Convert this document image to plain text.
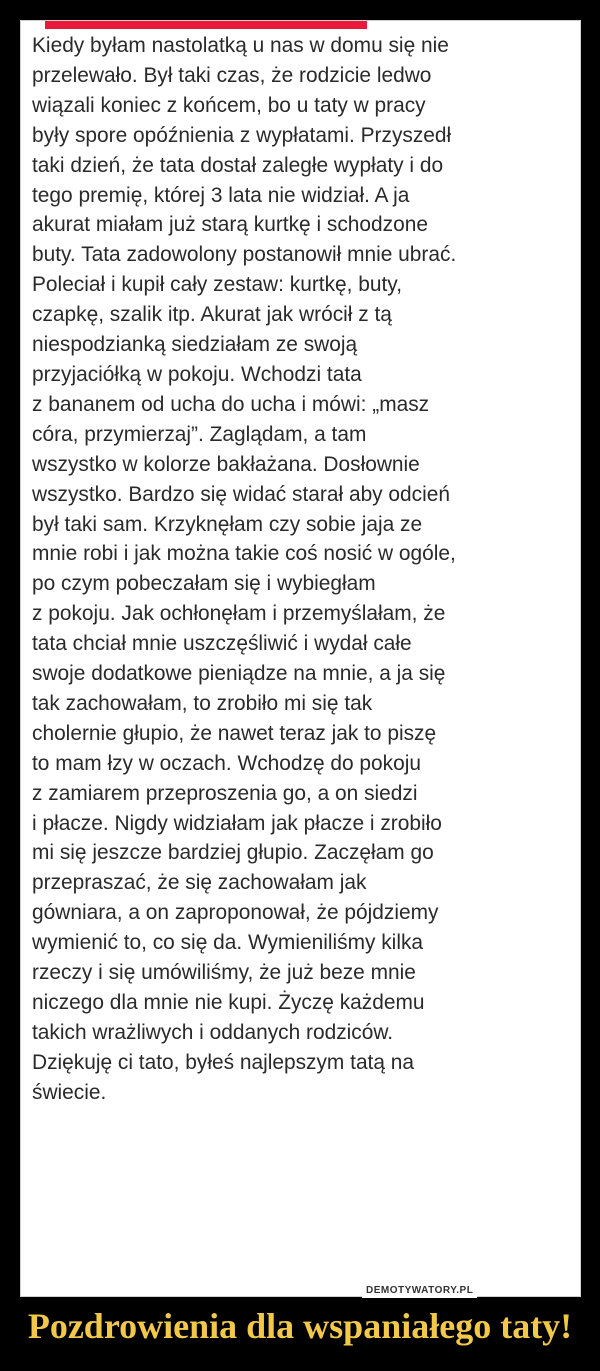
Kiedy byłam nastolatką u nas w domu się nie
przelewało. Był taki czas, że rodzicie ledwo
wiązali koniec z końcem, bo u taty w pracy
były spore opóźnienia z wypłatami. Przyszedł
taki dzień, że tata dostał zaległe wypłaty i do
tego premię, której 3 lata nie widział. A ja
akurat miałam już starą kurtkę i schodzone
buty. Tata zadowolony postanowił mnie ubrać.
Poleciał i kupił cały zestaw: kurtkę, buty,
czapkę, szalik itp. Akurat jak wrócił z tą
niespodzianką siedziałam ze swoją
przyjaciółką w pokoju. Wchodzi tata
z bananem od ucha do ucha i mówi: „masz
córa, przymierzaj”. Zaglądam, a tam
wszystko w kolorze bakłażana. Dosłownie
wszystko. Bardzo się widać starał aby odcień
był taki sam. Krzyknęłam czy sobie jaja ze
mnie robi i jak można takie coś nosić w ogóle,
po czym pobeczałam się i wybiegłam
z pokoju. Jak ochłonęłam i przemyślałam, że
tata chciał mnie uszczęśliwić i wydał całe
swoje dodatkowe pieniądze na mnie, a ja się
tak zachowałam, to zrobiło mi się tak
cholernie głupio, że nawet teraz jak to piszę
to mam łzy w oczach. Wchodzę do pokoju
z zamiarem przeproszenia go, a on siedzi
i płacze. Nigdy widziałam jak płacze i zrobiło
mi się jeszcze bardziej głupio. Zaczęłam go
przepraszać, że się zachowałam jak
gówniara, a on zaproponował, że pójdziemy
wymienić to, co się da. Wymieniliśmy kilka
rzeczy i się umówiliśmy, że już beze mnie
niczego dla mnie nie kupi. Życzę każdemu
takich wrażliwych i oddanych rodziców.
Dziękuję ci tato, byłeś najlepszym tatą na
świecie.

DEMOTYWATORY.PL
Pozdrowienia dla wspaniałego taty!
